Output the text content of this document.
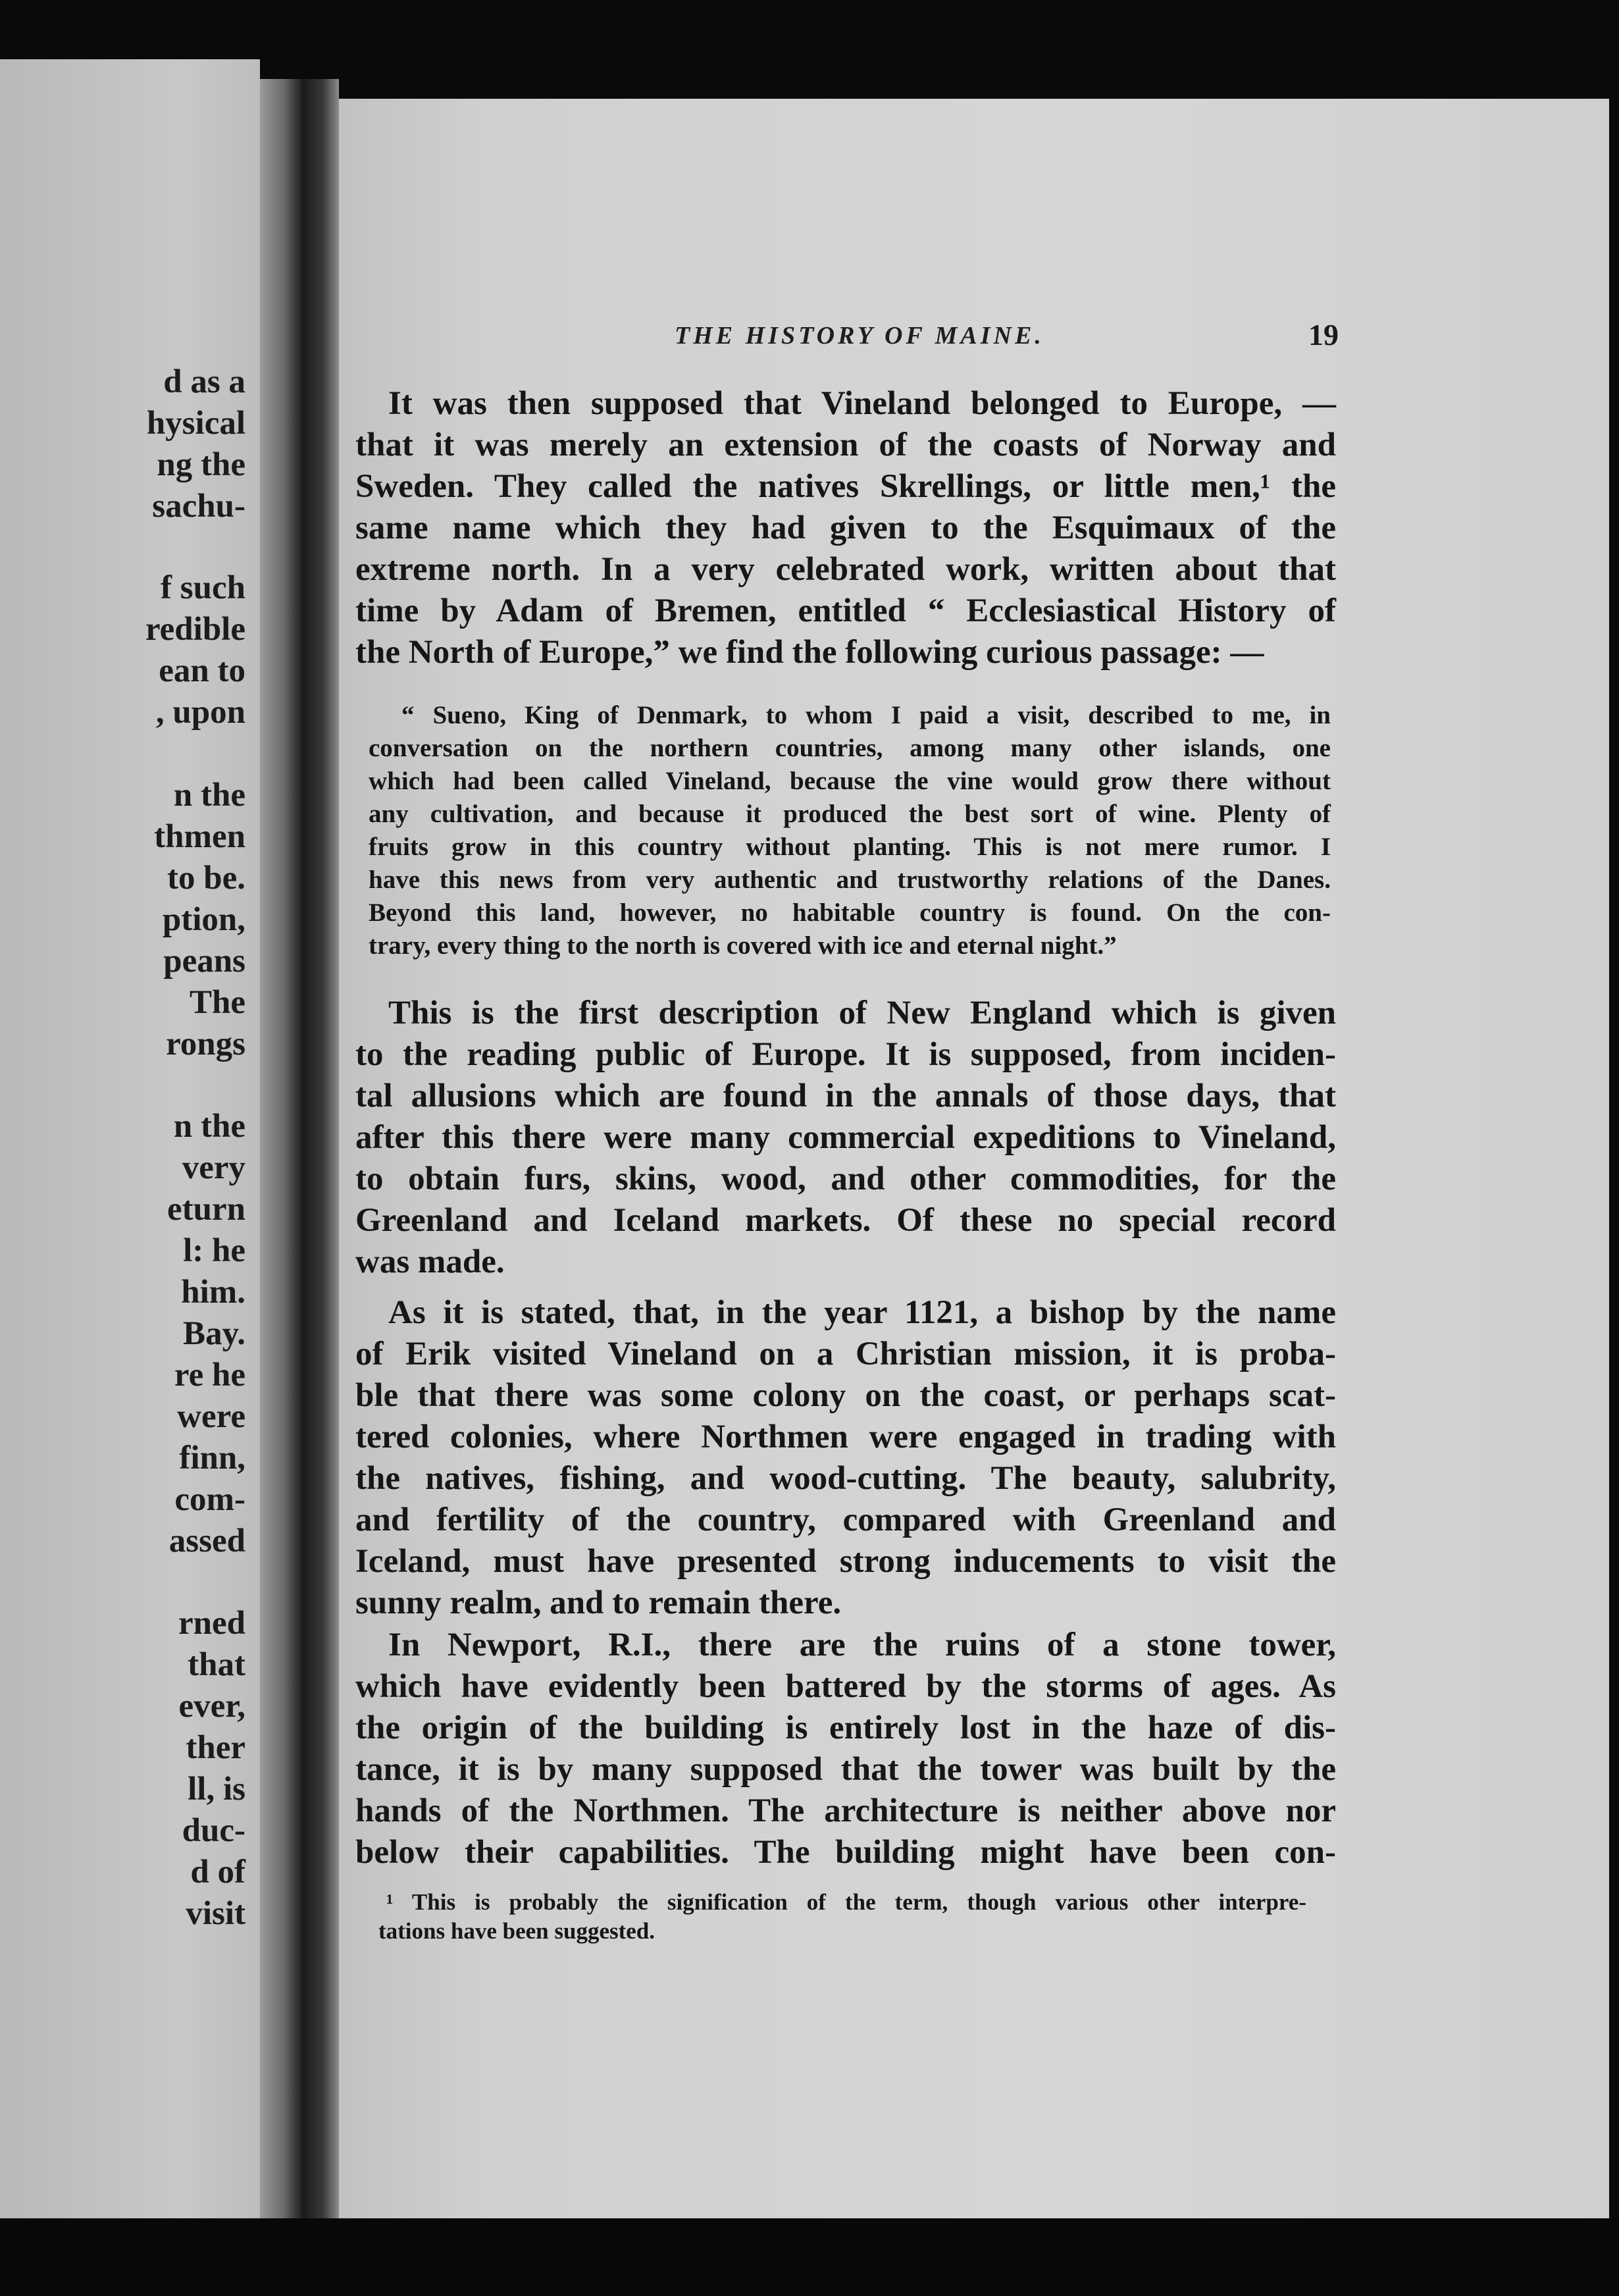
d as a
hysical
ng the
sachu-
f such
redible
ean to
, upon
n the
thmen
to be.
ption,
peans
The
rongs
n the
very
eturn
l: he
him.
Bay.
re he
were
finn,
com-
assed
rned
that
ever,
ther
ll, is
duc-
d of
visit
THE HISTORY OF MAINE.	19
It was then supposed that Vineland belonged to Europe, —
that it was merely an extension of the coasts of Norway and
Sweden. They called the natives Skrellings, or little men,¹ the
same name which they had given to the Esquimaux of the
extreme north. In a very celebrated work, written about that
time by Adam of Bremen, entitled “ Ecclesiastical History of
the North of Europe,” we find the following curious passage: —
This is the first description of New England which is given
to the reading public of Europe. It is supposed, from inciden-
tal allusions which are found in the annals of those days, that
after this there were many commercial expeditions to Vineland,
to obtain furs, skins, wood, and other commodities, for the
Greenland and Iceland markets. Of these no special record
was made.
As it is stated, that, in the year 1121, a bishop by the name
of Erik visited Vineland on a Christian mission, it is proba-
ble that there was some colony on the coast, or perhaps scat-
tered colonies, where Northmen were engaged in trading with
the natives, fishing, and wood-cutting. The beauty, salubrity,
and fertility of the country, compared with Greenland and
Iceland, must have presented strong inducements to visit the
sunny realm, and to remain there.
In Newport, R.I., there are the ruins of a stone tower,
which have evidently been battered by the storms of ages. As
the origin of the building is entirely lost in the haze of dis-
tance, it is by many supposed that the tower was built by the
hands of the Northmen. The architecture is neither above nor
below their capabilities. The building might have been con-
“ Sueno, King of Denmark, to whom I paid a visit, described to me, in
conversation on the northern countries, among many other islands, one
which had been called Vineland, because the vine would grow there without
any cultivation, and because it produced the best sort of wine. Plenty of
fruits grow in this country without planting. This is not mere rumor. I
have this news from very authentic and trustworthy relations of the Danes.
Beyond this land, however, no habitable country is found. On the con-
trary, every thing to the north is covered with ice and eternal night.”
¹ This is probably the signification of the term, though various other interpre-
tations have been suggested.
